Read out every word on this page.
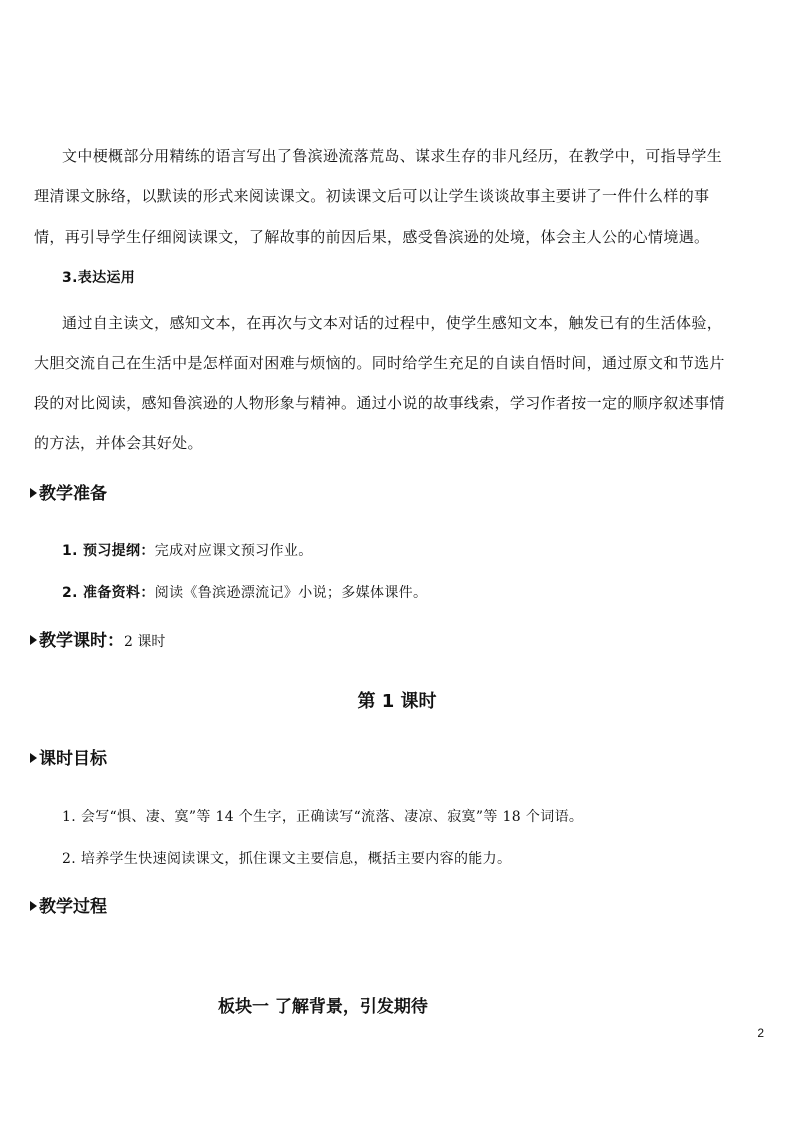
文中梗概部分用精练的语言写出了鲁滨逊流落荒岛、谋求生存的非凡经历，在教学中，可指导学生
理清课文脉络，以默读的形式来阅读课文。初读课文后可以让学生谈谈故事主要讲了一件什么样的事
情，再引导学生仔细阅读课文，了解故事的前因后果，感受鲁滨逊的处境，体会主人公的心情境遇。
3.表达运用
通过自主读文，感知文本，在再次与文本对话的过程中，使学生感知文本，触发已有的生活体验，
大胆交流自己在生活中是怎样面对困难与烦恼的。同时给学生充足的自读自悟时间，通过原文和节选片
段的对比阅读，感知鲁滨逊的人物形象与精神。通过小说的故事线索，学习作者按一定的顺序叙述事情
的方法，并体会其好处。
教学准备
1. 预习提纲：完成对应课文预习作业。
2. 准备资料：阅读《鲁滨逊漂流记》小说；多媒体课件。
教学课时：2 课时
第 1 课时
课时目标
1. 会写“惧、凄、寞”等 14 个生字，正确读写“流落、凄凉、寂寞”等 18 个词语。
2. 培养学生快速阅读课文，抓住课文主要信息，概括主要内容的能力。
教学过程
板块一 了解背景，引发期待
2
